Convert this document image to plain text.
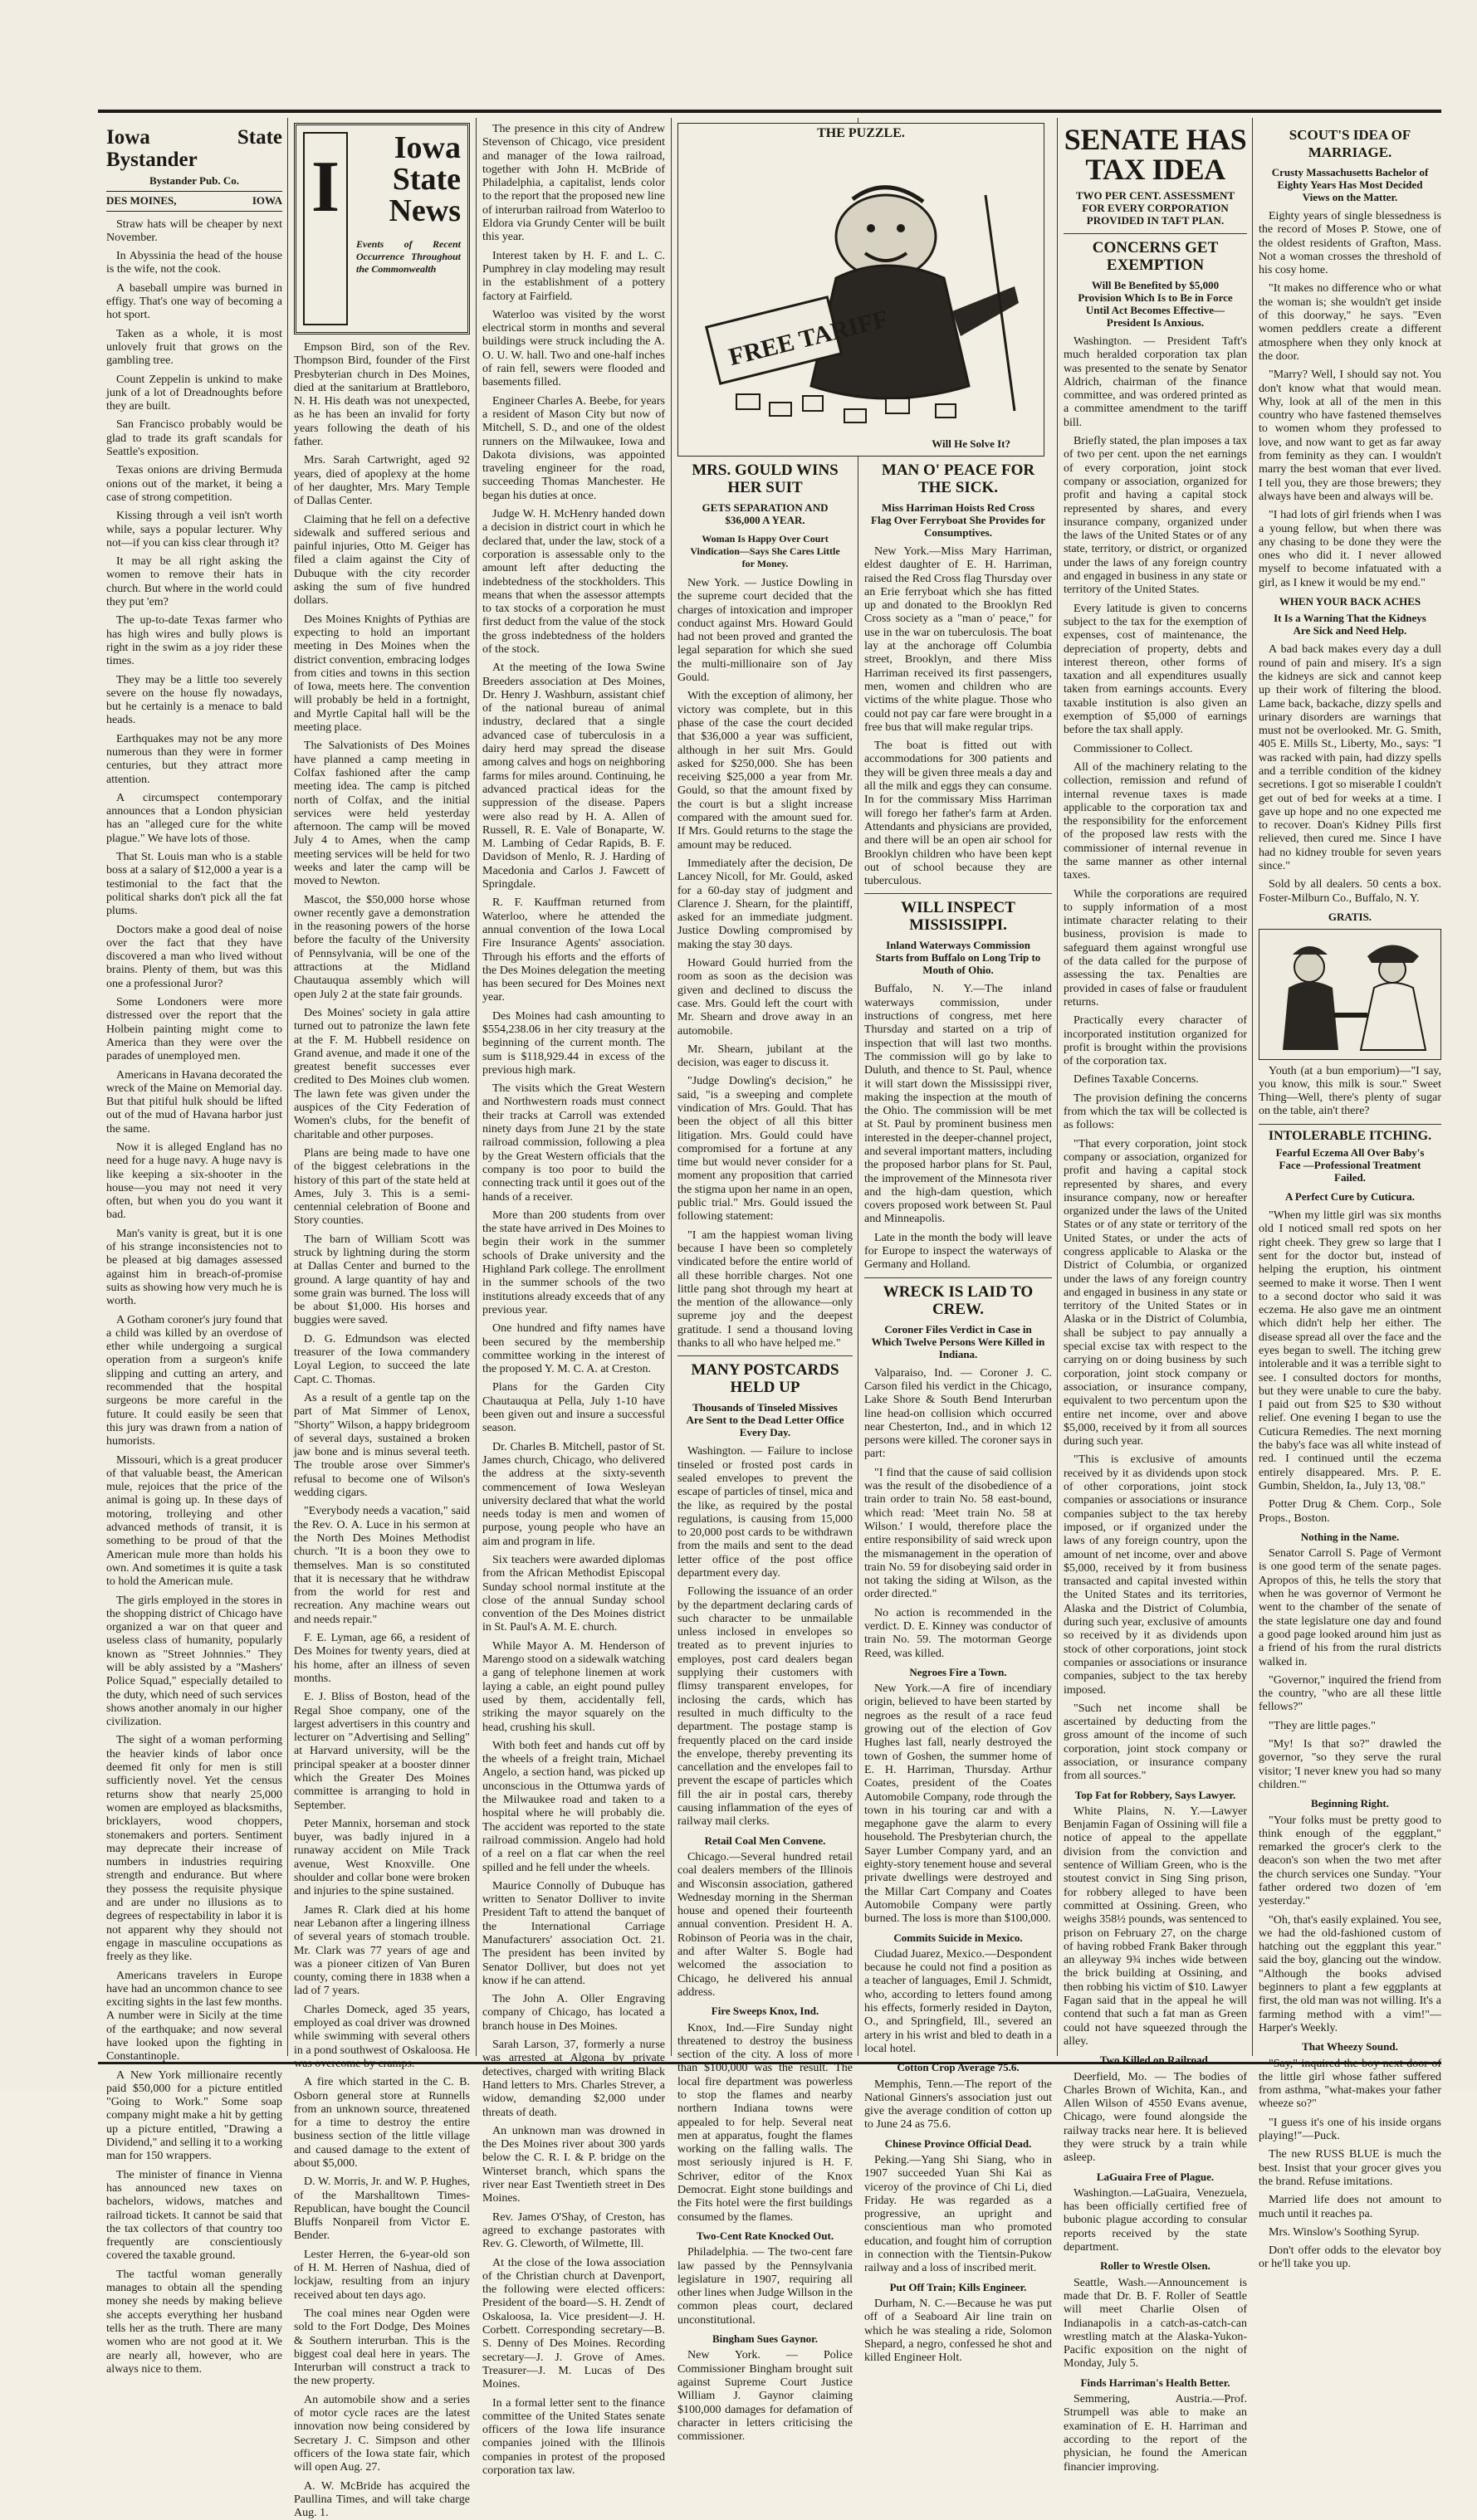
Iowa State Bystander
Bystander Pub. Co.
DES MOINES,	IOWA

Straw hats will be cheaper by next November.

In Abyssinia the head of the house is the wife, not the cook.

A baseball umpire was burned in effigy. That's one way of becoming a hot sport.

Taken as a whole, it is most unlovely fruit that grows on the gambling tree.

Count Zeppelin is unkind to make junk of a lot of Dreadnoughts before they are built.

San Francisco probably would be glad to trade its graft scandals for Seattle's exposition.

Texas onions are driving Bermuda onions out of the market, it being a case of strong competition.

Kissing through a veil isn't worth while, says a popular lecturer. Why not—if you can kiss clear through it?

It may be all right asking the women to remove their hats in church. But where in the world could they put 'em?

The up-to-date Texas farmer who has high wires and bully plows is right in the swim as a joy rider these times.

They may be a little too severely severe on the house fly nowadays, but he certainly is a menace to bald heads.

Earthquakes may not be any more numerous than they were in former centuries, but they attract more attention.

A circumspect contemporary announces that a London physician has an "alleged cure for the white plague." We have lots of those.

That St. Louis man who is a stable boss at a salary of $12,000 a year is a testimonial to the fact that the political sharks don't pick all the fat plums.

Doctors make a good deal of noise over the fact that they have discovered a man who lived without brains. Plenty of them, but was this one a professional Juror?

Some Londoners were more distressed over the report that the Holbein painting might come to America than they were over the parades of unemployed men.

Americans in Havana decorated the wreck of the Maine on Memorial day. But that pitiful hulk should be lifted out of the mud of Havana harbor just the same.

Now it is alleged England has no need for a huge navy. A huge navy is like keeping a six-shooter in the house—you may not need it very often, but when you do you want it bad.

Man's vanity is great, but it is one of his strange inconsistencies not to be pleased at big damages assessed against him in breach-of-promise suits as showing how very much he is worth.

A Gotham coroner's jury found that a child was killed by an overdose of ether while undergoing a surgical operation from a surgeon's knife slipping and cutting an artery, and recommended that the hospital surgeons be more careful in the future. It could easily be seen that this jury was drawn from a nation of humorists.

Missouri, which is a great producer of that valuable beast, the American mule, rejoices that the price of the animal is going up. In these days of motoring, trolleying and other advanced methods of transit, it is something to be proud of that the American mule more than holds his own. And sometimes it is quite a task to hold the American mule.

The girls employed in the stores in the shopping district of Chicago have organized a war on that queer and useless class of humanity, popularly known as "Street Johnnies." They will be ably assisted by a "Mashers' Police Squad," especially detailed to the duty, which need of such services shows another anomaly in our higher civilization.

The sight of a woman performing the heavier kinds of labor once deemed fit only for men is still sufficiently novel. Yet the census returns show that nearly 25,000 women are employed as blacksmiths, bricklayers, wood choppers, stonemakers and porters. Sentiment may deprecate their increase of numbers in industries requiring strength and endurance. But where they possess the requisite physique and are under no illusions as to degrees of respectability in labor it is not apparent why they should not engage in masculine occupations as freely as they like.

Americans travelers in Europe have had an uncommon chance to see exciting sights in the last few months. A number were in Sicily at the time of the earthquake; and now several have looked upon the fighting in Constantinople.

A New York millionaire recently paid $50,000 for a picture entitled "Going to Work." Some soap company might make a hit by getting up a picture entitled, "Drawing a Dividend," and selling it to a working man for 150 wrappers.

The minister of finance in Vienna has announced new taxes on bachelors, widows, matches and railroad tickets. It cannot be said that the tax collectors of that country too frequently are conscientiously covered the taxable ground.

The tactful woman generally manages to obtain all the spending money she needs by making believe she accepts everything her husband tells her as the truth. There are many women who are not good at it. We are nearly all, however, who are always nice to them.

I	Iowa State News
Events of Recent Occurrence Throughout the Commonwealth

Empson Bird, son of the Rev. Thompson Bird, founder of the First Presbyterian church in Des Moines, died at the sanitarium at Brattleboro, N. H. His death was not unexpected, as he has been an invalid for forty years following the death of his father.

Mrs. Sarah Cartwright, aged 92 years, died of apoplexy at the home of her daughter, Mrs. Mary Temple of Dallas Center.

Claiming that he fell on a defective sidewalk and suffered serious and painful injuries, Otto M. Geiger has filed a claim against the City of Dubuque with the city recorder asking the sum of five hundred dollars.

Des Moines Knights of Pythias are expecting to hold an important meeting in Des Moines when the district convention, embracing lodges from cities and towns in this section of Iowa, meets here. The convention will probably be held in a fortnight, and Myrtle Capital hall will be the meeting place.

The Salvationists of Des Moines have planned a camp meeting in Colfax fashioned after the camp meeting idea. The camp is pitched north of Colfax, and the initial services were held yesterday afternoon. The camp will be moved July 4 to Ames, when the camp meeting services will be held for two weeks and later the camp will be moved to Newton.

Mascot, the $50,000 horse whose owner recently gave a demonstration in the reasoning powers of the horse before the faculty of the University of Pennsylvania, will be one of the attractions at the Midland Chautauqua assembly which will open July 2 at the state fair grounds.

Des Moines' society in gala attire turned out to patronize the lawn fete at the F. M. Hubbell residence on Grand avenue, and made it one of the greatest benefit successes ever credited to Des Moines club women. The lawn fete was given under the auspices of the City Federation of Women's clubs, for the benefit of charitable and other purposes.

Plans are being made to have one of the biggest celebrations in the history of this part of the state held at Ames, July 3. This is a semi-centennial celebration of Boone and Story counties.

The barn of William Scott was struck by lightning during the storm at Dallas Center and burned to the ground. A large quantity of hay and some grain was burned. The loss will be about $1,000. His horses and buggies were saved.

D. G. Edmundson was elected treasurer of the Iowa commandery Loyal Legion, to succeed the late Capt. C. Thomas.

As a result of a gentle tap on the part of Mat Simmer of Lenox, "Shorty" Wilson, a happy bridegroom of several days, sustained a broken jaw bone and is minus several teeth. The trouble arose over Simmer's refusal to become one of Wilson's wedding cigars.

"Everybody needs a vacation," said the Rev. O. A. Luce in his sermon at the North Des Moines Methodist church. "It is a boon they owe to themselves. Man is so constituted that it is necessary that he withdraw from the world for rest and recreation. Any machine wears out and needs repair."

F. E. Lyman, age 66, a resident of Des Moines for twenty years, died at his home, after an illness of seven months.

E. J. Bliss of Boston, head of the Regal Shoe company, one of the largest advertisers in this country and lecturer on "Advertising and Selling" at Harvard university, will be the principal speaker at a booster dinner which the Greater Des Moines committee is arranging to hold in September.

Peter Mannix, horseman and stock buyer, was badly injured in a runaway accident on Mile Track avenue, West Knoxville. One shoulder and collar bone were broken and injuries to the spine sustained.

James R. Clark died at his home near Lebanon after a lingering illness of several years of stomach trouble. Mr. Clark was 77 years of age and was a pioneer citizen of Van Buren county, coming there in 1838 when a lad of 7 years.

Charles Domeck, aged 35 years, employed as coal driver was drowned while swimming with several others in a pond southwest of Oskaloosa. He was overcome by cramps.

A fire which started in the C. B. Osborn general store at Runnells from an unknown source, threatened for a time to destroy the entire business section of the little village and caused damage to the extent of about $5,000.

D. W. Morris, Jr. and W. P. Hughes, of the Marshalltown Times-Republican, have bought the Council Bluffs Nonpareil from Victor E. Bender.

Lester Herren, the 6-year-old son of H. M. Herren of Nashua, died of lockjaw, resulting from an injury received about ten days ago.

The coal mines near Ogden were sold to the Fort Dodge, Des Moines & Southern interurban. This is the biggest coal deal here in years. The Interurban will construct a track to the new property.

An automobile show and a series of motor cycle races are the latest innovation now being considered by Secretary J. C. Simpson and other officers of the Iowa state fair, which will open Aug. 27.

A. W. McBride has acquired the Paullina Times, and will take charge Aug. 1.

The presence in this city of Andrew Stevenson of Chicago, vice president and manager of the Iowa railroad, together with John H. McBride of Philadelphia, a capitalist, lends color to the report that the proposed new line of interurban railroad from Waterloo to Eldora via Grundy Center will be built this year.

Interest taken by H. F. and L. C. Pumphrey in clay modeling may result in the establishment of a pottery factory at Fairfield.

Waterloo was visited by the worst electrical storm in months and several buildings were struck including the A. O. U. W. hall. Two and one-half inches of rain fell, sewers were flooded and basements filled.

Engineer Charles A. Beebe, for years a resident of Mason City but now of Mitchell, S. D., and one of the oldest runners on the Milwaukee, Iowa and Dakota divisions, was appointed traveling engineer for the road, succeeding Thomas Manchester. He began his duties at once.

Judge W. H. McHenry handed down a decision in district court in which he declared that, under the law, stock of a corporation is assessable only to the amount left after deducting the indebtedness of the stockholders. This means that when the assessor attempts to tax stocks of a corporation he must first deduct from the value of the stock the gross indebtedness of the holders of the stock.

At the meeting of the Iowa Swine Breeders association at Des Moines, Dr. Henry J. Washburn, assistant chief of the national bureau of animal industry, declared that a single advanced case of tuberculosis in a dairy herd may spread the disease among calves and hogs on neighboring farms for miles around. Continuing, he advanced practical ideas for the suppression of the disease. Papers were also read by H. A. Allen of Russell, R. E. Vale of Bonaparte, W. M. Lambing of Cedar Rapids, B. F. Davidson of Menlo, R. J. Harding of Macedonia and Carlos J. Fawcett of Springdale.

R. F. Kauffman returned from Waterloo, where he attended the annual convention of the Iowa Local Fire Insurance Agents' association. Through his efforts and the efforts of the Des Moines delegation the meeting has been secured for Des Moines next year.

Des Moines had cash amounting to $554,238.06 in her city treasury at the beginning of the current month. The sum is $118,929.44 in excess of the previous high mark.

The visits which the Great Western and Northwestern roads must connect their tracks at Carroll was extended ninety days from June 21 by the state railroad commission, following a plea by the Great Western officials that the company is too poor to build the connecting track until it goes out of the hands of a receiver.

More than 200 students from over the state have arrived in Des Moines to begin their work in the summer schools of Drake university and the Highland Park college. The enrollment in the summer schools of the two institutions already exceeds that of any previous year.

One hundred and fifty names have been secured by the membership committee working in the interest of the proposed Y. M. C. A. at Creston.

Plans for the Garden City Chautauqua at Pella, July 1-10 have been given out and insure a successful season.

Dr. Charles B. Mitchell, pastor of St. James church, Chicago, who delivered the address at the sixty-seventh commencement of Iowa Wesleyan university declared that what the world needs today is men and women of purpose, young people who have an aim and program in life.

Six teachers were awarded diplomas from the African Methodist Episcopal Sunday school normal institute at the close of the annual Sunday school convention of the Des Moines district in St. Paul's A. M. E. church.

While Mayor A. M. Henderson of Marengo stood on a sidewalk watching a gang of telephone linemen at work laying a cable, an eight pound pulley used by them, accidentally fell, striking the mayor squarely on the head, crushing his skull.

With both feet and hands cut off by the wheels of a freight train, Michael Angelo, a section hand, was picked up unconscious in the Ottumwa yards of the Milwaukee road and taken to a hospital where he will probably die. The accident was reported to the state railroad commission. Angelo had hold of a reel on a flat car when the reel spilled and he fell under the wheels.

Maurice Connolly of Dubuque has written to Senator Dolliver to invite President Taft to attend the banquet of the International Carriage Manufacturers' association Oct. 21. The president has been invited by Senator Dolliver, but does not yet know if he can attend.

The John A. Oller Engraving company of Chicago, has located a branch house in Des Moines.

Sarah Larson, 37, formerly a nurse was arrested at Algona by private detectives, charged with writing Black Hand letters to Mrs. Charles Strever, a widow, demanding $2,000 under threats of death.

An unknown man was drowned in the Des Moines river about 300 yards below the C. R. I. & P. bridge on the Winterset branch, which spans the river near East Twentieth street in Des Moines.

Rev. James O'Shay, of Creston, has agreed to exchange pastorates with Rev. G. Cleworth, of Wilmette, Ill.

At the close of the Iowa association of the Christian church at Davenport, the following were elected officers: President of the board—S. H. Zendt of Oskaloosa, Ia. Vice president—J. H. Corbett. Corresponding secretary—B. S. Denny of Des Moines. Recording secretary—J. J. Grove of Ames. Treasurer—J. M. Lucas of Des Moines.

In a formal letter sent to the finance committee of the United States senate officers of the Iowa life insurance companies joined with the Illinois companies in protest of the proposed corporation tax law.

THE PUZZLE.
FREE TARIFF
Will He Solve It?
MRS. GOULD WINS HER SUIT
GETS SEPARATION AND $36,000 A YEAR.
Woman Is Happy Over Court Vindication—Says She Cares Little for Money.

New York. — Justice Dowling in the supreme court decided that the charges of intoxication and improper conduct against Mrs. Howard Gould had not been proved and granted the legal separation for which she sued the multi-millionaire son of Jay Gould.

With the exception of alimony, her victory was complete, but in this phase of the case the court decided that $36,000 a year was sufficient, although in her suit Mrs. Gould asked for $250,000. She has been receiving $25,000 a year from Mr. Gould, so that the amount fixed by the court is but a slight increase compared with the amount sued for. If Mrs. Gould returns to the stage the amount may be reduced.

Immediately after the decision, De Lancey Nicoll, for Mr. Gould, asked for a 60-day stay of judgment and Clarence J. Shearn, for the plaintiff, asked for an immediate judgment. Justice Dowling compromised by making the stay 30 days.

Howard Gould hurried from the room as soon as the decision was given and declined to discuss the case. Mrs. Gould left the court with Mr. Shearn and drove away in an automobile.

Mr. Shearn, jubilant at the decision, was eager to discuss it.

"Judge Dowling's decision," he said, "is a sweeping and complete vindication of Mrs. Gould. That has been the object of all this bitter litigation. Mrs. Gould could have compromised for a fortune at any time but would never consider for a moment any proposition that carried the stigma upon her name in an open, public trial." Mrs. Gould issued the following statement:

"I am the happiest woman living because I have been so completely vindicated before the entire world of all these horrible charges. Not one little pang shot through my heart at the mention of the allowance—only supreme joy and the deepest gratitude. I send a thousand loving thanks to all who have helped me."

MANY POSTCARDS HELD UP
Thousands of Tinseled Missives Are Sent to the Dead Letter Office Every Day.

Washington. — Failure to inclose tinseled or frosted post cards in sealed envelopes to prevent the escape of particles of tinsel, mica and the like, as required by the postal regulations, is causing from 15,000 to 20,000 post cards to be withdrawn from the mails and sent to the dead letter office of the post office department every day.

Following the issuance of an order by the department declaring cards of such character to be unmailable unless inclosed in envelopes so treated as to prevent injuries to employes, post card dealers began supplying their customers with flimsy transparent envelopes, for inclosing the cards, which has resulted in much difficulty to the department. The postage stamp is frequently placed on the card inside the envelope, thereby preventing its cancellation and the envelopes fail to prevent the escape of particles which fill the air in postal cars, thereby causing inflammation of the eyes of railway mail clerks.

Retail Coal Men Convene.

Chicago.—Several hundred retail coal dealers members of the Illinois and Wisconsin association, gathered Wednesday morning in the Sherman house and opened their fourteenth annual convention. President H. A. Robinson of Peoria was in the chair, and after Walter S. Bogle had welcomed the association to Chicago, he delivered his annual address.

Fire Sweeps Knox, Ind.

Knox, Ind.—Fire Sunday night threatened to destroy the business section of the city. A loss of more than $100,000 was the result. The local fire department was powerless to stop the flames and nearby northern Indiana towns were appealed to for help. Several neat men at apparatus, fought the flames working on the falling walls. The most seriously injured is H. F. Schriver, editor of the Knox Democrat. Eight stone buildings and the Fits hotel were the first buildings consumed by the flames.

Two-Cent Rate Knocked Out.

Philadelphia. — The two-cent fare law passed by the Pennsylvania legislature in 1907, requiring all other lines when Judge Willson in the common pleas court, declared unconstitutional.

Bingham Sues Gaynor.

New York. — Police Commissioner Bingham brought suit against Supreme Court Justice William J. Gaynor claiming $100,000 damages for defamation of character in letters criticising the commissioner.

MAN O' PEACE FOR THE SICK.
Miss Harriman Hoists Red Cross Flag Over Ferryboat She Provides for Consumptives.

New York.—Miss Mary Harriman, eldest daughter of E. H. Harriman, raised the Red Cross flag Thursday over an Erie ferryboat which she has fitted up and donated to the Brooklyn Red Cross society as a "man o' peace," for use in the war on tuberculosis. The boat lay at the anchorage off Columbia street, Brooklyn, and there Miss Harriman received its first passengers, men, women and children who are victims of the white plague. Those who could not pay car fare were brought in a free bus that will make regular trips.

The boat is fitted out with accommodations for 300 patients and they will be given three meals a day and all the milk and eggs they can consume. In for the commissary Miss Harriman will forego her father's farm at Arden. Attendants and physicians are provided, and there will be an open air school for Brooklyn children who have been kept out of school because they are tuberculous.

WILL INSPECT MISSISSIPPI.
Inland Waterways Commission Starts from Buffalo on Long Trip to Mouth of Ohio.

Buffalo, N. Y.—The inland waterways commission, under instructions of congress, met here Thursday and started on a trip of inspection that will last two months. The commission will go by lake to Duluth, and thence to St. Paul, whence it will start down the Mississippi river, making the inspection at the mouth of the Ohio. The commission will be met at St. Paul by prominent business men interested in the deeper-channel project, and several important matters, including the proposed harbor plans for St. Paul, the improvement of the Minnesota river and the high-dam question, which covers proposed work between St. Paul and Minneapolis.

Late in the month the body will leave for Europe to inspect the waterways of Germany and Holland.

WRECK IS LAID TO CREW.
Coroner Files Verdict in Case in Which Twelve Persons Were Killed in Indiana.

Valparaiso, Ind. — Coroner J. C. Carson filed his verdict in the Chicago, Lake Shore & South Bend Interurban line head-on collision which occurred near Chesterton, Ind., and in which 12 persons were killed. The coroner says in part:

"I find that the cause of said collision was the result of the disobedience of a train order to train No. 58 east-bound, which read: 'Meet train No. 58 at Wilson.' I would, therefore place the entire responsibility of said wreck upon the mismanagement in the operation of train No. 59 for disobeying said order in not taking the siding at Wilson, as the order directed."

No action is recommended in the verdict. D. E. Kinney was conductor of train No. 59. The motorman George Reed, was killed.

Negroes Fire a Town.

New York.—A fire of incendiary origin, believed to have been started by negroes as the result of a race feud growing out of the election of Gov Hughes last fall, nearly destroyed the town of Goshen, the summer home of E. H. Harriman, Thursday. Arthur Coates, president of the Coates Automobile Company, rode through the town in his touring car and with a megaphone gave the alarm to every household. The Presbyterian church, the Sayer Lumber Company yard, and an eighty-story tenement house and several private dwellings were destroyed and the Millar Cart Company and Coates Automobile Company were partly burned. The loss is more than $100,000.

Commits Suicide in Mexico.

Ciudad Juarez, Mexico.—Despondent because he could not find a position as a teacher of languages, Emil J. Schmidt, who, according to letters found among his effects, formerly resided in Dayton, O., and Springfield, Ill., severed an artery in his wrist and bled to death in a local hotel.

Cotton Crop Average 75.6.

Memphis, Tenn.—The report of the National Ginners's association just out give the average condition of cotton up to June 24 as 75.6.

Chinese Province Official Dead.

Peking.—Yang Shi Siang, who in 1907 succeeded Yuan Shi Kai as viceroy of the province of Chi Li, died Friday. He was regarded as a progressive, an upright and conscientious man who promoted education, and fought him of corruption in connection with the Tientsin-Pukow railway and a loss of inscribed merit.

Put Off Train; Kills Engineer.

Durham, N. C.—Because he was put off of a Seaboard Air line train on which he was stealing a ride, Solomon Shepard, a negro, confessed he shot and killed Engineer Holt.

SENATE HAS TAX IDEA
TWO PER CENT. ASSESSMENT FOR EVERY CORPORATION PROVIDED IN TAFT PLAN.
CONCERNS GET EXEMPTION
Will Be Benefited by $5,000 Provision Which Is to Be in Force Until Act Becomes Effective—President Is Anxious.

Washington. — President Taft's much heralded corporation tax plan was presented to the senate by Senator Aldrich, chairman of the finance committee, and was ordered printed as a committee amendment to the tariff bill.

Briefly stated, the plan imposes a tax of two per cent. upon the net earnings of every corporation, joint stock company or association, organized for profit and having a capital stock represented by shares, and every insurance company, organized under the laws of the United States or of any state, territory, or district, or organized under the laws of any foreign country and engaged in business in any state or territory of the United States.

Every latitude is given to concerns subject to the tax for the exemption of expenses, cost of maintenance, the depreciation of property, debts and interest thereon, other forms of taxation and all expenditures usually taken from earnings accounts. Every taxable institution is also given an exemption of $5,000 of earnings before the tax shall apply.

Commissioner to Collect.

All of the machinery relating to the collection, remission and refund of internal revenue taxes is made applicable to the corporation tax and the responsibility for the enforcement of the proposed law rests with the commissioner of internal revenue in the same manner as other internal taxes.

While the corporations are required to supply information of a most intimate character relating to their business, provision is made to safeguard them against wrongful use of the data called for the purpose of assessing the tax. Penalties are provided in cases of false or fraudulent returns.

Practically every character of incorporated institution organized for profit is brought within the provisions of the corporation tax.

Defines Taxable Concerns.

The provision defining the concerns from which the tax will be collected is as follows:

"That every corporation, joint stock company or association, organized for profit and having a capital stock represented by shares, and every insurance company, now or hereafter organized under the laws of the United States or of any state or territory of the United States, or under the acts of congress applicable to Alaska or the District of Columbia, or organized under the laws of any foreign country and engaged in business in any state or territory of the United States or in Alaska or in the District of Columbia, shall be subject to pay annually a special excise tax with respect to the carrying on or doing business by such corporation, joint stock company or association, or insurance company, equivalent to two percentum upon the entire net income, over and above $5,000, received by it from all sources during such year.

"This is exclusive of amounts received by it as dividends upon stock of other corporations, joint stock companies or associations or insurance companies subject to the tax hereby imposed, or if organized under the laws of any foreign country, upon the amount of net income, over and above $5,000, received by it from business transacted and capital invested within the United States and its territories, Alaska and the District of Columbia, during such year, exclusive of amounts so received by it as dividends upon stock of other corporations, joint stock companies or associations or insurance companies, subject to the tax hereby imposed.

"Such net income shall be ascertained by deducting from the gross amount of the income of such corporation, joint stock company or association, or insurance company from all sources."

Top Fat for Robbery, Says Lawyer.

White Plains, N. Y.—Lawyer Benjamin Fagan of Ossining will file a notice of appeal to the appellate division from the conviction and sentence of William Green, who is the stoutest convict in Sing Sing prison, for robbery alleged to have been committed at Ossining. Green, who weighs 358½ pounds, was sentenced to prison on February 27, on the charge of having robbed Frank Baker through an alleyway 9¾ inches wide between the brick building at Ossining, and then robbing his victim of $10. Lawyer Fagan said that in the appeal he will contend that such a fat man as Green could not have squeezed through the alley.

Two Killed on Railroad.

Deerfield, Mo. — The bodies of Charles Brown of Wichita, Kan., and Allen Wilson of 4550 Evans avenue, Chicago, were found alongside the railway tracks near here. It is believed they were struck by a train while asleep.

LaGuaira Free of Plague.

Washington.—LaGuaira, Venezuela, has been officially certified free of bubonic plague according to consular reports received by the state department.

Roller to Wrestle Olsen.

Seattle, Wash.—Announcement is made that Dr. B. F. Roller of Seattle will meet Charlie Olsen of Indianapolis in a catch-as-catch-can wrestling match at the Alaska-Yukon-Pacific exposition on the night of Monday, July 5.

Finds Harriman's Health Better.

Semmering, Austria.—Prof. Strumpell was able to make an examination of E. H. Harriman and according to the report of the physician, he found the American financier improving.

SCOUT'S IDEA OF MARRIAGE.
Crusty Massachusetts Bachelor of Eighty Years Has Most Decided Views on the Matter.

Eighty years of single blessedness is the record of Moses P. Stowe, one of the oldest residents of Grafton, Mass. Not a woman crosses the threshold of his cosy home.

"It makes no difference who or what the woman is; she wouldn't get inside of this doorway," he says. "Even women peddlers create a different atmosphere when they only knock at the door.

"Marry? Well, I should say not. You don't know what that would mean. Why, look at all of the men in this country who have fastened themselves to women whom they professed to love, and now want to get as far away from feminity as they can. I wouldn't marry the best woman that ever lived. I tell you, they are those brewers; they always have been and always will be.

"I had lots of girl friends when I was a young fellow, but when there was any chasing to be done they were the ones who did it. I never allowed myself to become infatuated with a girl, as I knew it would be my end."

WHEN YOUR BACK ACHES
It Is a Warning That the Kidneys Are Sick and Need Help.

A bad back makes every day a dull round of pain and misery. It's a sign the kidneys are sick and cannot keep up their work of filtering the blood. Lame back, backache, dizzy spells and urinary disorders are warnings that must not be overlooked. Mr. G. Smith, 405 E. Mills St., Liberty, Mo., says: "I was racked with pain, had dizzy spells and a terrible condition of the kidney secretions. I got so miserable I couldn't get out of bed for weeks at a time. I gave up hope and no one expected me to recover. Doan's Kidney Pills first relieved, then cured me. Since I have had no kidney trouble for seven years since."

Sold by all dealers. 50 cents a box. Foster-Milburn Co., Buffalo, N. Y.

GRATIS.

Youth (at a bun emporium)—"I say, you know, this milk is sour." Sweet Thing—Well, there's plenty of sugar on the table, ain't there?

INTOLERABLE ITCHING.
Fearful Eczema All Over Baby's Face —Professional Treatment Failed.
A Perfect Cure by Cuticura.

"When my little girl was six months old I noticed small red spots on her right cheek. They grew so large that I sent for the doctor but, instead of helping the eruption, his ointment seemed to make it worse. Then I went to a second doctor who said it was eczema. He also gave me an ointment which didn't help her either. The disease spread all over the face and the eyes began to swell. The itching grew intolerable and it was a terrible sight to see. I consulted doctors for months, but they were unable to cure the baby. I paid out from $25 to $30 without relief. One evening I began to use the Cuticura Remedies. The next morning the baby's face was all white instead of red. I continued until the eczema entirely disappeared. Mrs. P. E. Gumbin, Sheldon, Ia., July 13, '08."

Potter Drug & Chem. Corp., Sole Props., Boston.

Nothing in the Name.

Senator Carroll S. Page of Vermont is one good term of the senate pages. Apropos of this, he tells the story that when he was governor of Vermont he went to the chamber of the senate of the state legislature one day and found a good page looked around him just as a friend of his from the rural districts walked in.

"Governor," inquired the friend from the country, "who are all these little fellows?"

"They are little pages."

"My! Is that so?" drawled the governor, "so they serve the rural visitor; 'I never knew you had so many children.'"

Beginning Right.

"Your folks must be pretty good to think enough of the eggplant," remarked the grocer's clerk to the deacon's son when the two met after the church services one Sunday. "Your father ordered two dozen of 'em yesterday."

"Oh, that's easily explained. You see, we had the old-fashioned custom of hatching out the eggplant this year." said the boy, glancing out the window. "Although the books advised beginners to plant a few eggplants at first, the old man was not willing. It's a farming method with a vim!"—Harper's Weekly.

That Wheezy Sound.

"Say," inquired the boy next door of the little girl whose father suffered from asthma, "what-makes your father wheeze so?"

"I guess it's one of his inside organs playing!"—Puck.

The new RUSS BLUE is much the best. Insist that your grocer gives you the brand. Refuse imitations.

Married life does not amount to much until it reaches pa.

Mrs. Winslow's Soothing Syrup.

Don't offer odds to the elevator boy or he'll take you up.
